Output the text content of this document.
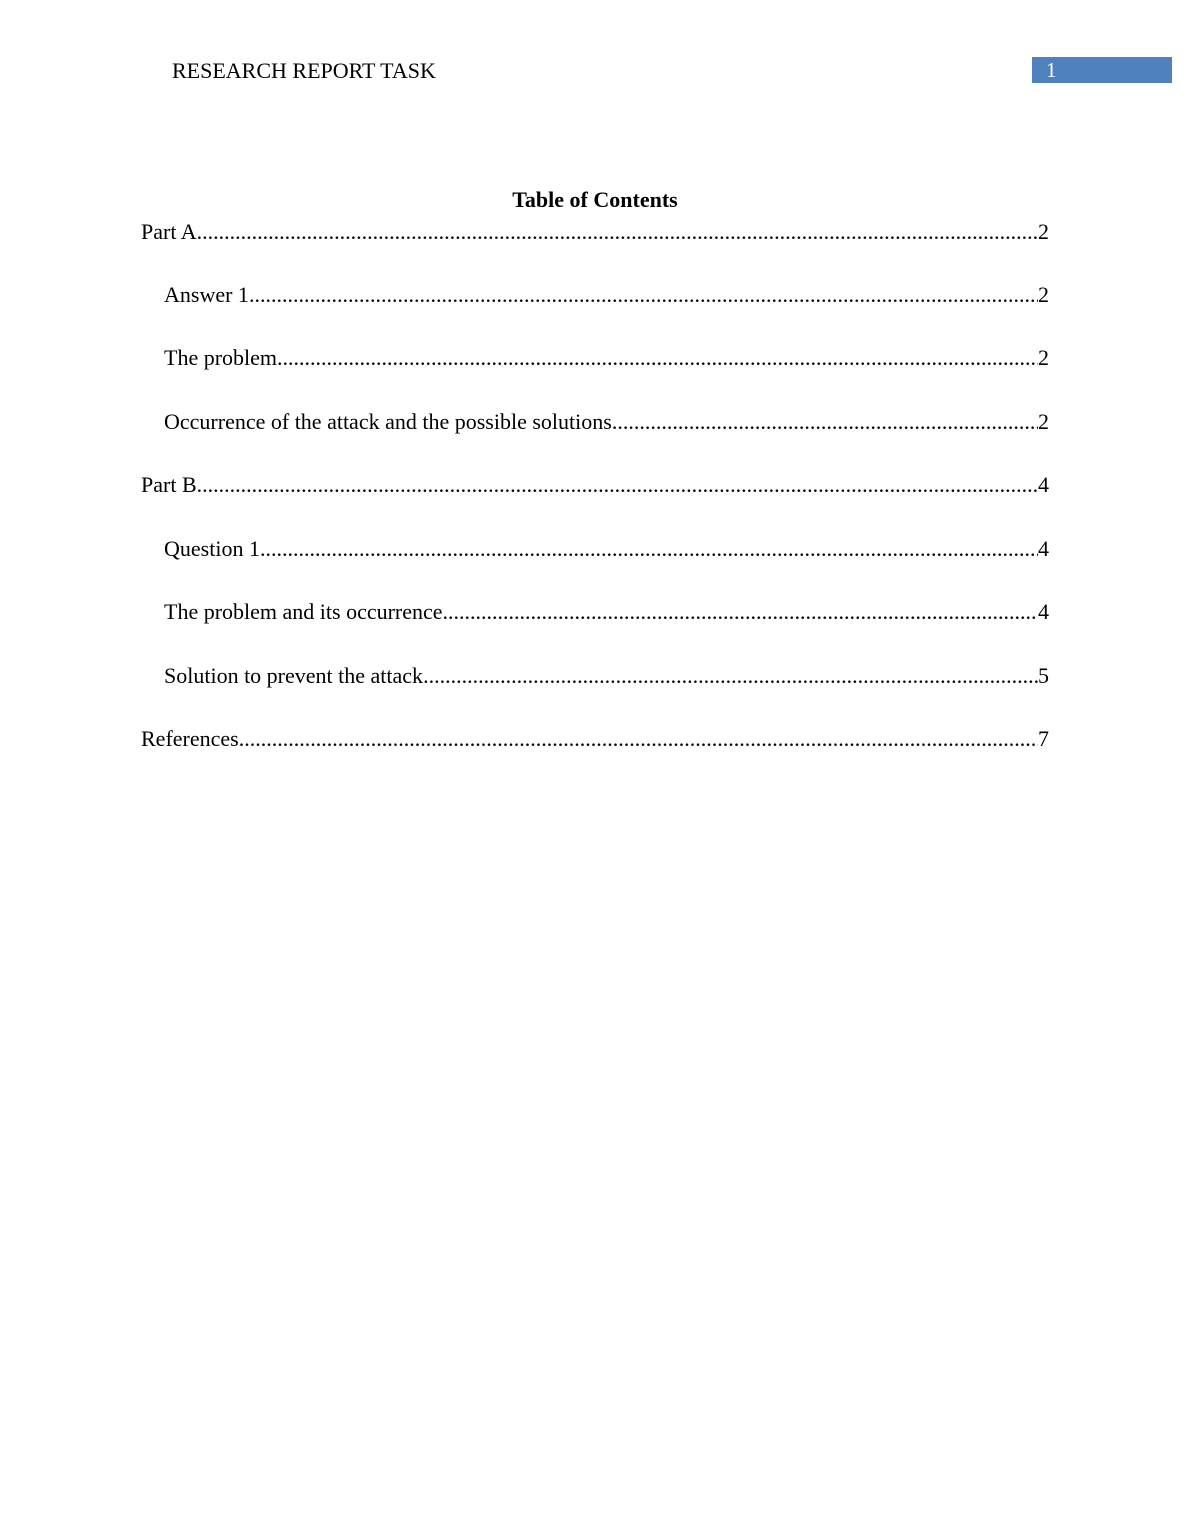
RESEARCH REPORT TASK	1
Table of Contents
Part A .....	2
Answer 1 .....	2
The problem .....	2
Occurrence of the attack and the possible solutions .....	2
Part B .....	4
Question 1 .....	4
The problem and its occurrence .....	4
Solution to prevent the attack .....	5
References .....	7
